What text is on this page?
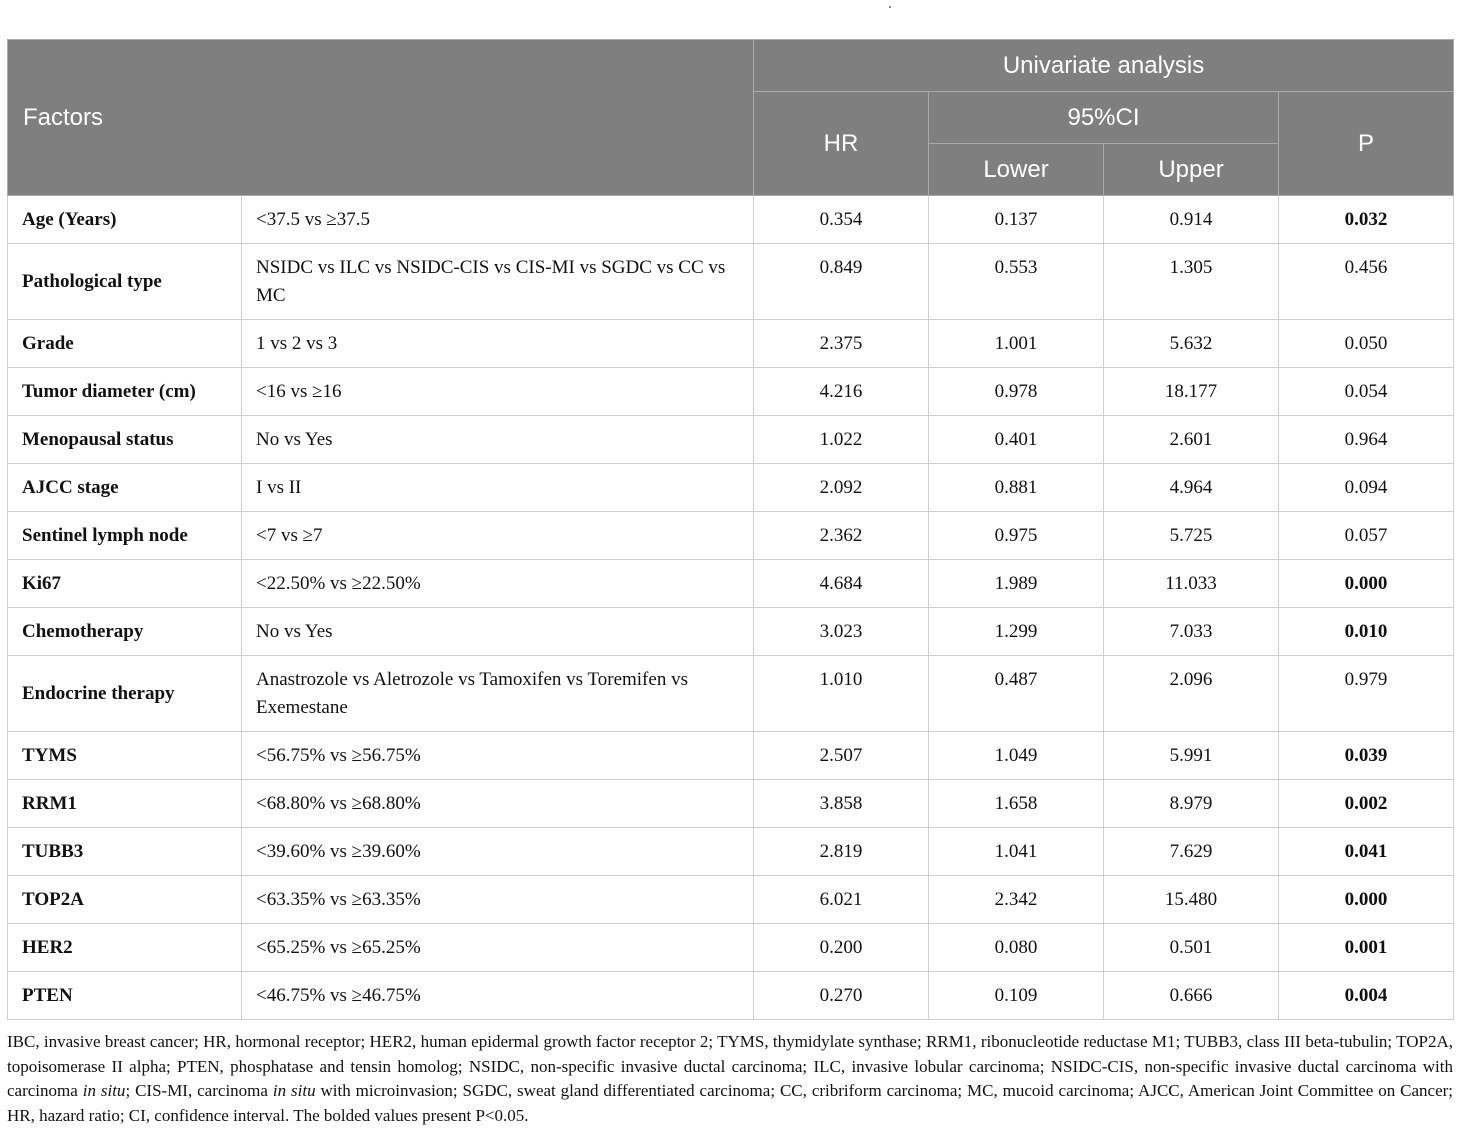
Factors		Univariate analysis			
		HR	95%CI		P
			Lower	Upper	
Age (Years)	<37.5 vs ≥37.5	0.354	0.137	0.914	0.032
Pathological type	NSIDC vs ILC vs NSIDC-CIS vs CIS-MI vs SGDC vs CC vs MC	0.849	0.553	1.305	0.456
Grade	1 vs 2 vs 3	2.375	1.001	5.632	0.050
Tumor diameter (cm)	<16 vs ≥16	4.216	0.978	18.177	0.054
Menopausal status	No vs Yes	1.022	0.401	2.601	0.964
AJCC stage	I vs II	2.092	0.881	4.964	0.094
Sentinel lymph node	<7 vs ≥7	2.362	0.975	5.725	0.057
Ki67	<22.50% vs ≥22.50%	4.684	1.989	11.033	0.000
Chemotherapy	No vs Yes	3.023	1.299	7.033	0.010
Endocrine therapy	Anastrozole vs Aletrozole vs Tamoxifen vs Toremifen vs Exemestane	1.010	0.487	2.096	0.979
TYMS	<56.75% vs ≥56.75%	2.507	1.049	5.991	0.039
RRM1	<68.80% vs ≥68.80%	3.858	1.658	8.979	0.002
TUBB3	<39.60% vs ≥39.60%	2.819	1.041	7.629	0.041
TOP2A	<63.35% vs ≥63.35%	6.021	2.342	15.480	0.000
HER2	<65.25% vs ≥65.25%	0.200	0.080	0.501	0.001
PTEN	<46.75% vs ≥46.75%	0.270	0.109	0.666	0.004
IBC, invasive breast cancer; HR, hormonal receptor; HER2, human epidermal growth factor receptor 2; TYMS, thymidylate synthase; RRM1, ribonucleotide reductase M1; TUBB3, class III beta-tubulin; TOP2A, topoisomerase II alpha; PTEN, phosphatase and tensin homolog; NSIDC, non-specific invasive ductal carcinoma; ILC, invasive lobular carcinoma; NSIDC-CIS, non-specific invasive ductal carcinoma with carcinoma in situ; CIS-MI, carcinoma in situ with microinvasion; SGDC, sweat gland differentiated carcinoma; CC, cribriform carcinoma; MC, mucoid carcinoma; AJCC, American Joint Committee on Cancer; HR, hazard ratio; CI, confidence interval. The bolded values present P<0.05.
